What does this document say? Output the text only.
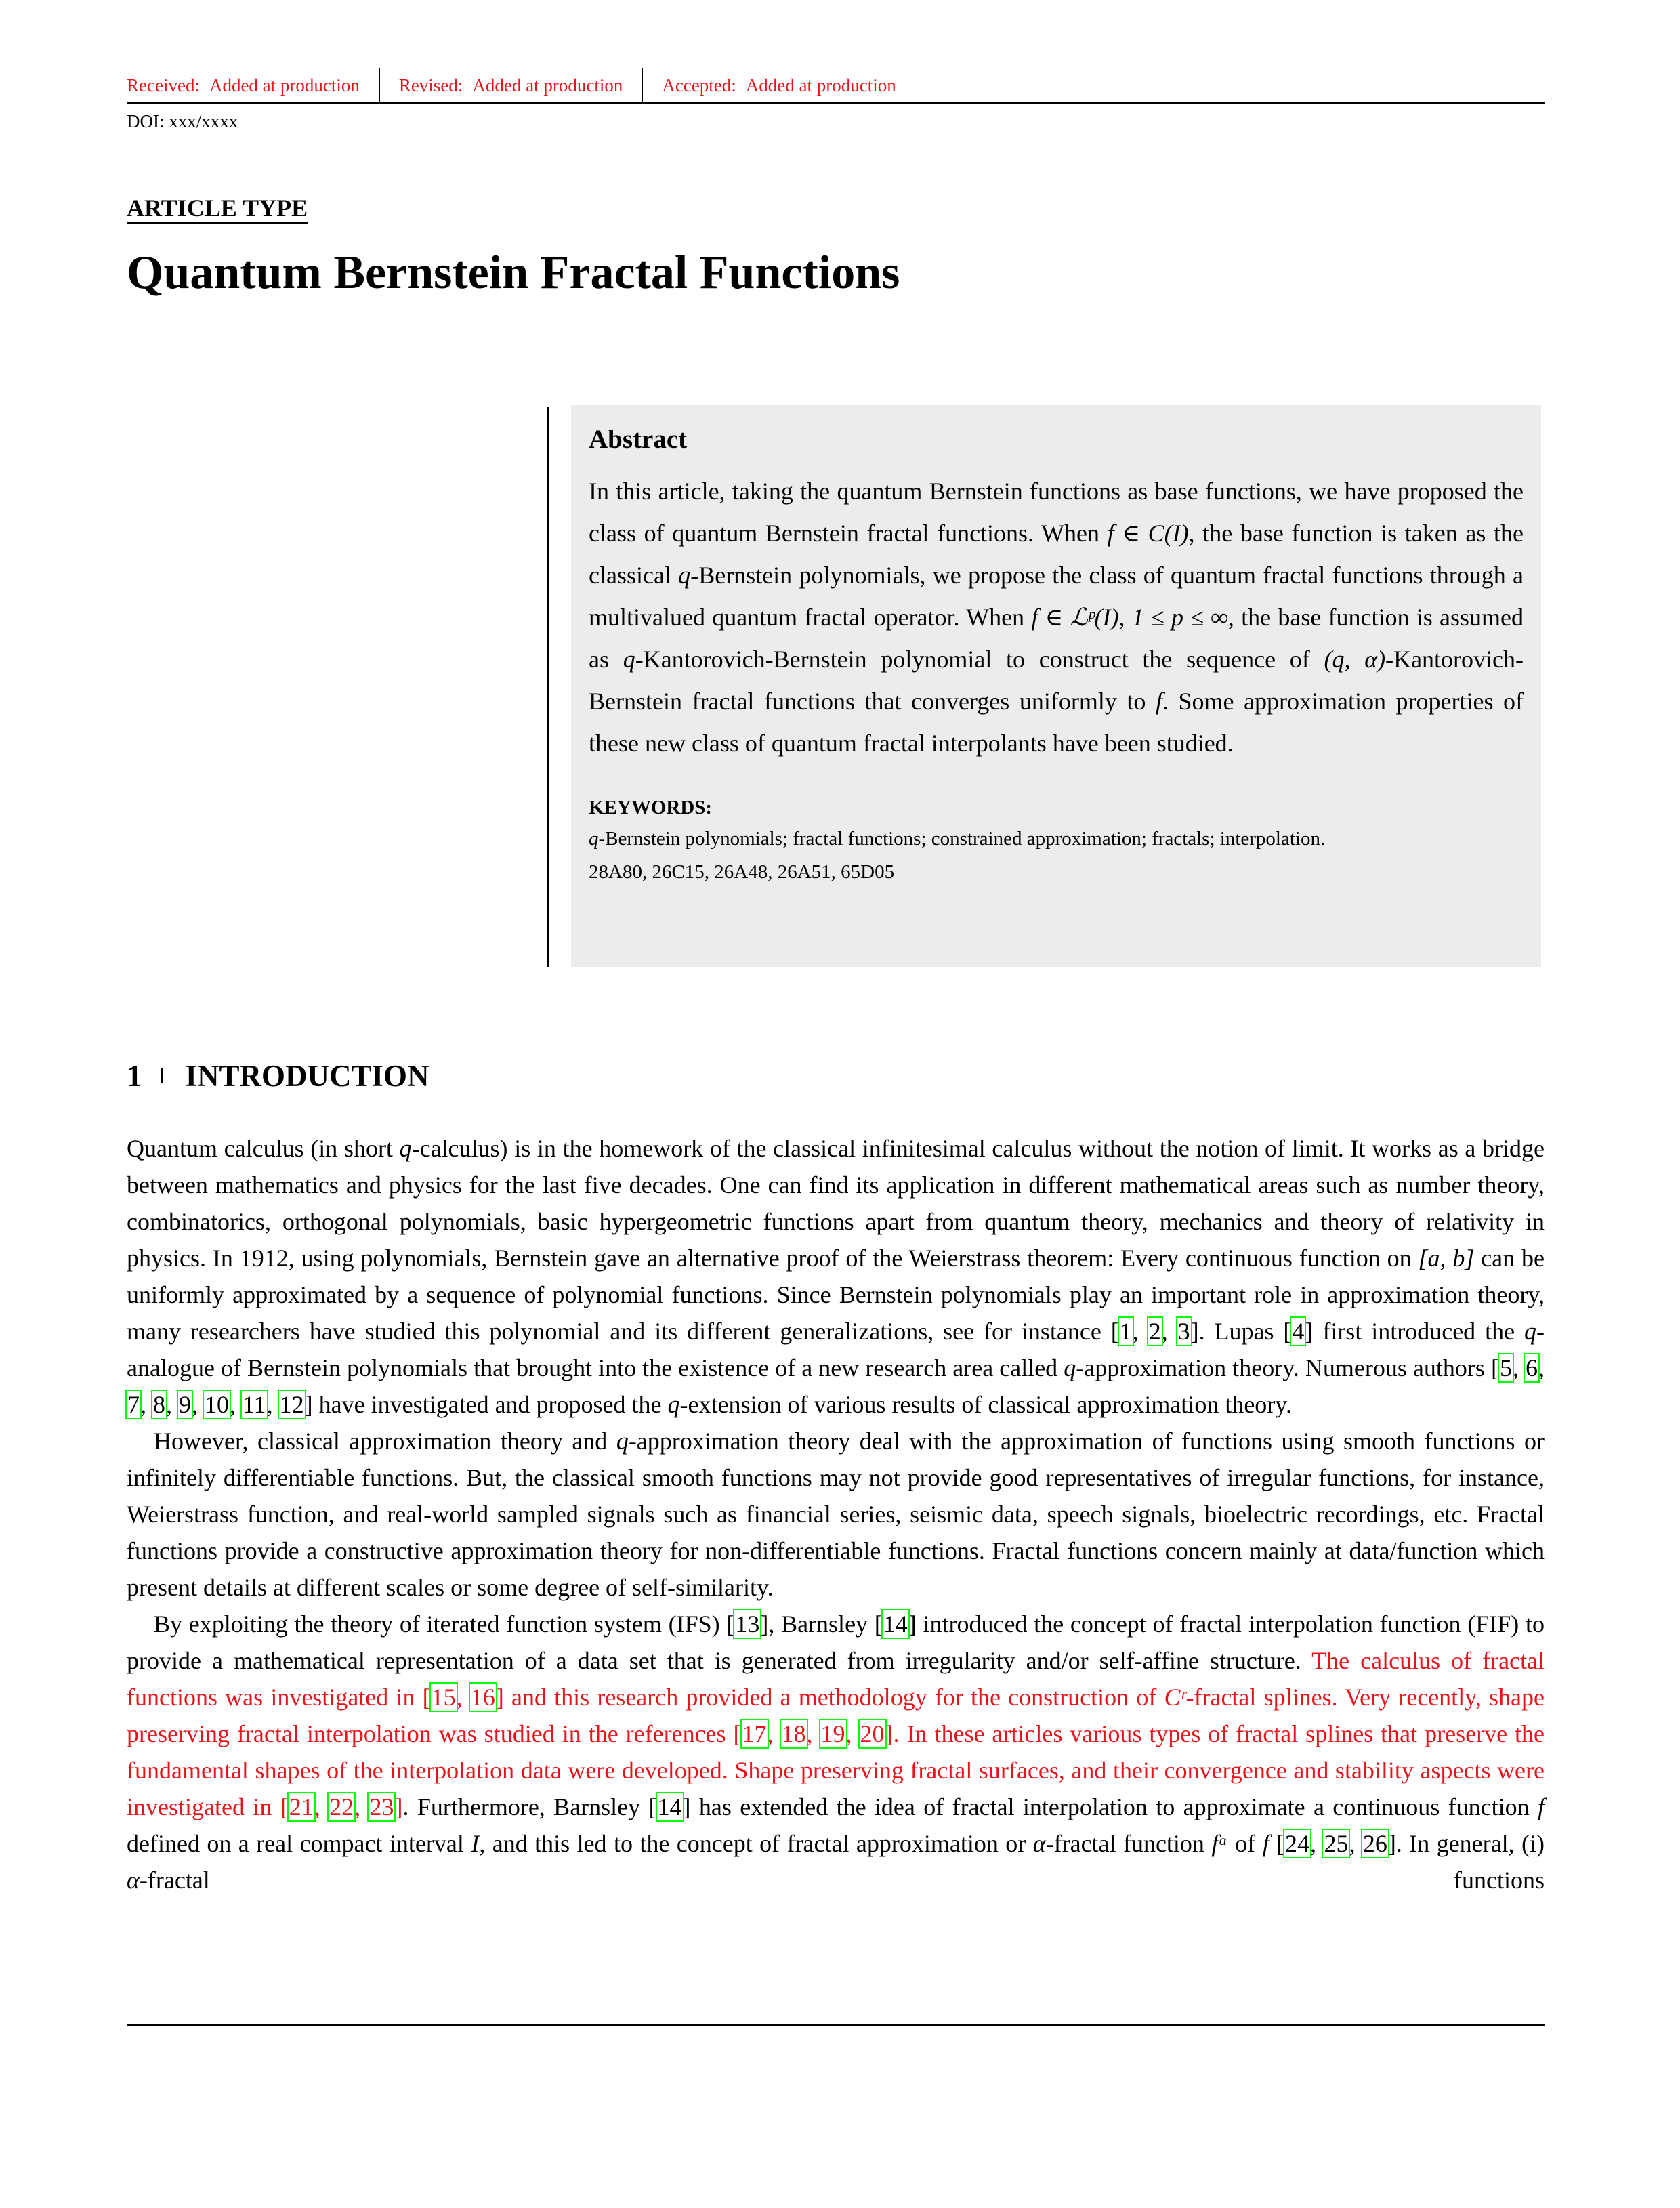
Received: Added at production Revised: Added at production Accepted: Added at production
DOI: xxx/xxxx
ARTICLE TYPE
Quantum Bernstein Fractal Functions
Abstract
In this article, taking the quantum Bernstein functions as base functions, we have proposed the class of quantum Bernstein fractal functions. When f ∈ C(I), the base function is taken as the classical q-Bernstein polynomials, we propose the class of quantum fractal functions through a multivalued quantum fractal operator. When f ∈ ℒᵖ(I), 1 ≤ p ≤ ∞, the base function is assumed as q-Kantorovich-Bernstein polynomial to construct the sequence of (q, α)-Kantorovich-Bernstein fractal functions that converges uniformly to f. Some approximation properties of these new class of quantum fractal interpolants have been studied.
KEYWORDS:
q-Bernstein polynomials; fractal functions; constrained approximation; fractals; interpolation.
28A80, 26C15, 26A48, 26A51, 65D05
1 INTRODUCTION

Quantum calculus (in short q-calculus) is in the homework of the classical infinitesimal calculus without the notion of limit. It works as a bridge between mathematics and physics for the last five decades. One can find its application in different mathematical areas such as number theory, combinatorics, orthogonal polynomials, basic hypergeometric functions apart from quantum theory, mechanics and theory of relativity in physics. In 1912, using polynomials, Bernstein gave an alternative proof of the Weierstrass theorem: Every continuous function on [a, b] can be uniformly approximated by a sequence of polynomial functions. Since Bernstein polynomials play an important role in approximation theory, many researchers have studied this polynomial and its different generalizations, see for instance [1, 2, 3]. Lupas [4] first introduced the q-analogue of Bernstein polynomials that brought into the existence of a new research area called q-approximation theory. Numerous authors [5, 6, 7, 8, 9, 10, 11, 12] have investigated and proposed the q-extension of various results of classical approximation theory.

However, classical approximation theory and q-approximation theory deal with the approximation of functions using smooth functions or infinitely differentiable functions. But, the classical smooth functions may not provide good representatives of irregular functions, for instance, Weierstrass function, and real-world sampled signals such as financial series, seismic data, speech signals, bioelectric recordings, etc. Fractal functions provide a constructive approximation theory for non-differentiable functions. Fractal functions concern mainly at data/function which present details at different scales or some degree of self-similarity.

By exploiting the theory of iterated function system (IFS) [13], Barnsley [14] introduced the concept of fractal interpolation function (FIF) to provide a mathematical representation of a data set that is generated from irregularity and/or self-affine structure. The calculus of fractal functions was investigated in [15, 16] and this research provided a methodology for the construction of Cʳ-fractal splines. Very recently, shape preserving fractal interpolation was studied in the references [17, 18, 19, 20]. In these articles various types of fractal splines that preserve the fundamental shapes of the interpolation data were developed. Shape preserving fractal surfaces, and their convergence and stability aspects were investigated in [21, 22, 23]. Furthermore, Barnsley [14] has extended the idea of fractal interpolation to approximate a continuous function f defined on a real compact interval I, and this led to the concept of fractal approximation or α-fractal function fᵅ of f [24, 25, 26]. In general, (i) α-fractal functions
